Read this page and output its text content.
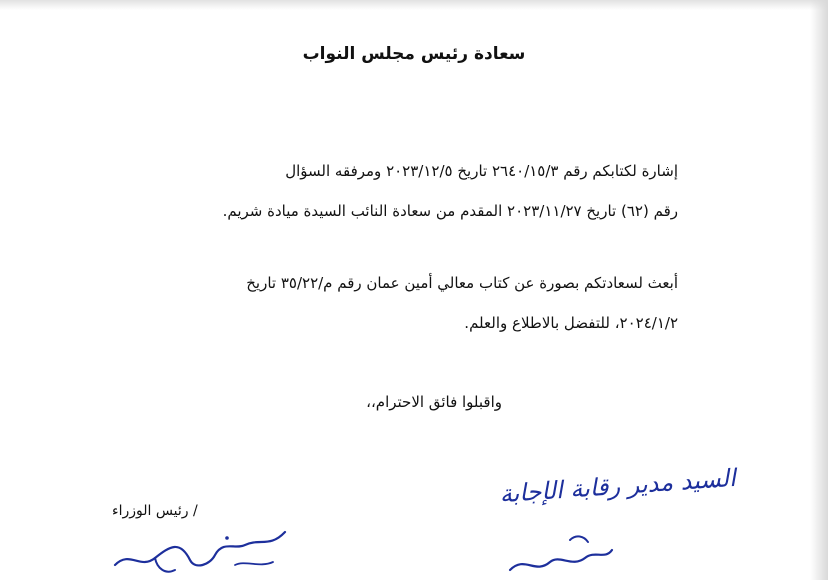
سعادة رئيس مجلس النواب

إشارة لكتابكم رقم ٢٦٤٠/١٥/٣ تاريخ ٢٠٢٣/١٢/٥ ومرفقه السؤال
رقم (٦٢) تاريخ ٢٠٢٣/١١/٢٧ المقدم من سعادة النائب السيدة ميادة شريم.

أبعث لسعادتكم بصورة عن كتاب معالي أمين عمان رقم م/٣٥/٢٢ تاريخ
٢٠٢٤/١/٢، للتفضل بالاطلاع والعلم.

واقبلوا فائق الاحترام،،
/ رئيس الوزراء
السيد مدير رقابة الإجابة
